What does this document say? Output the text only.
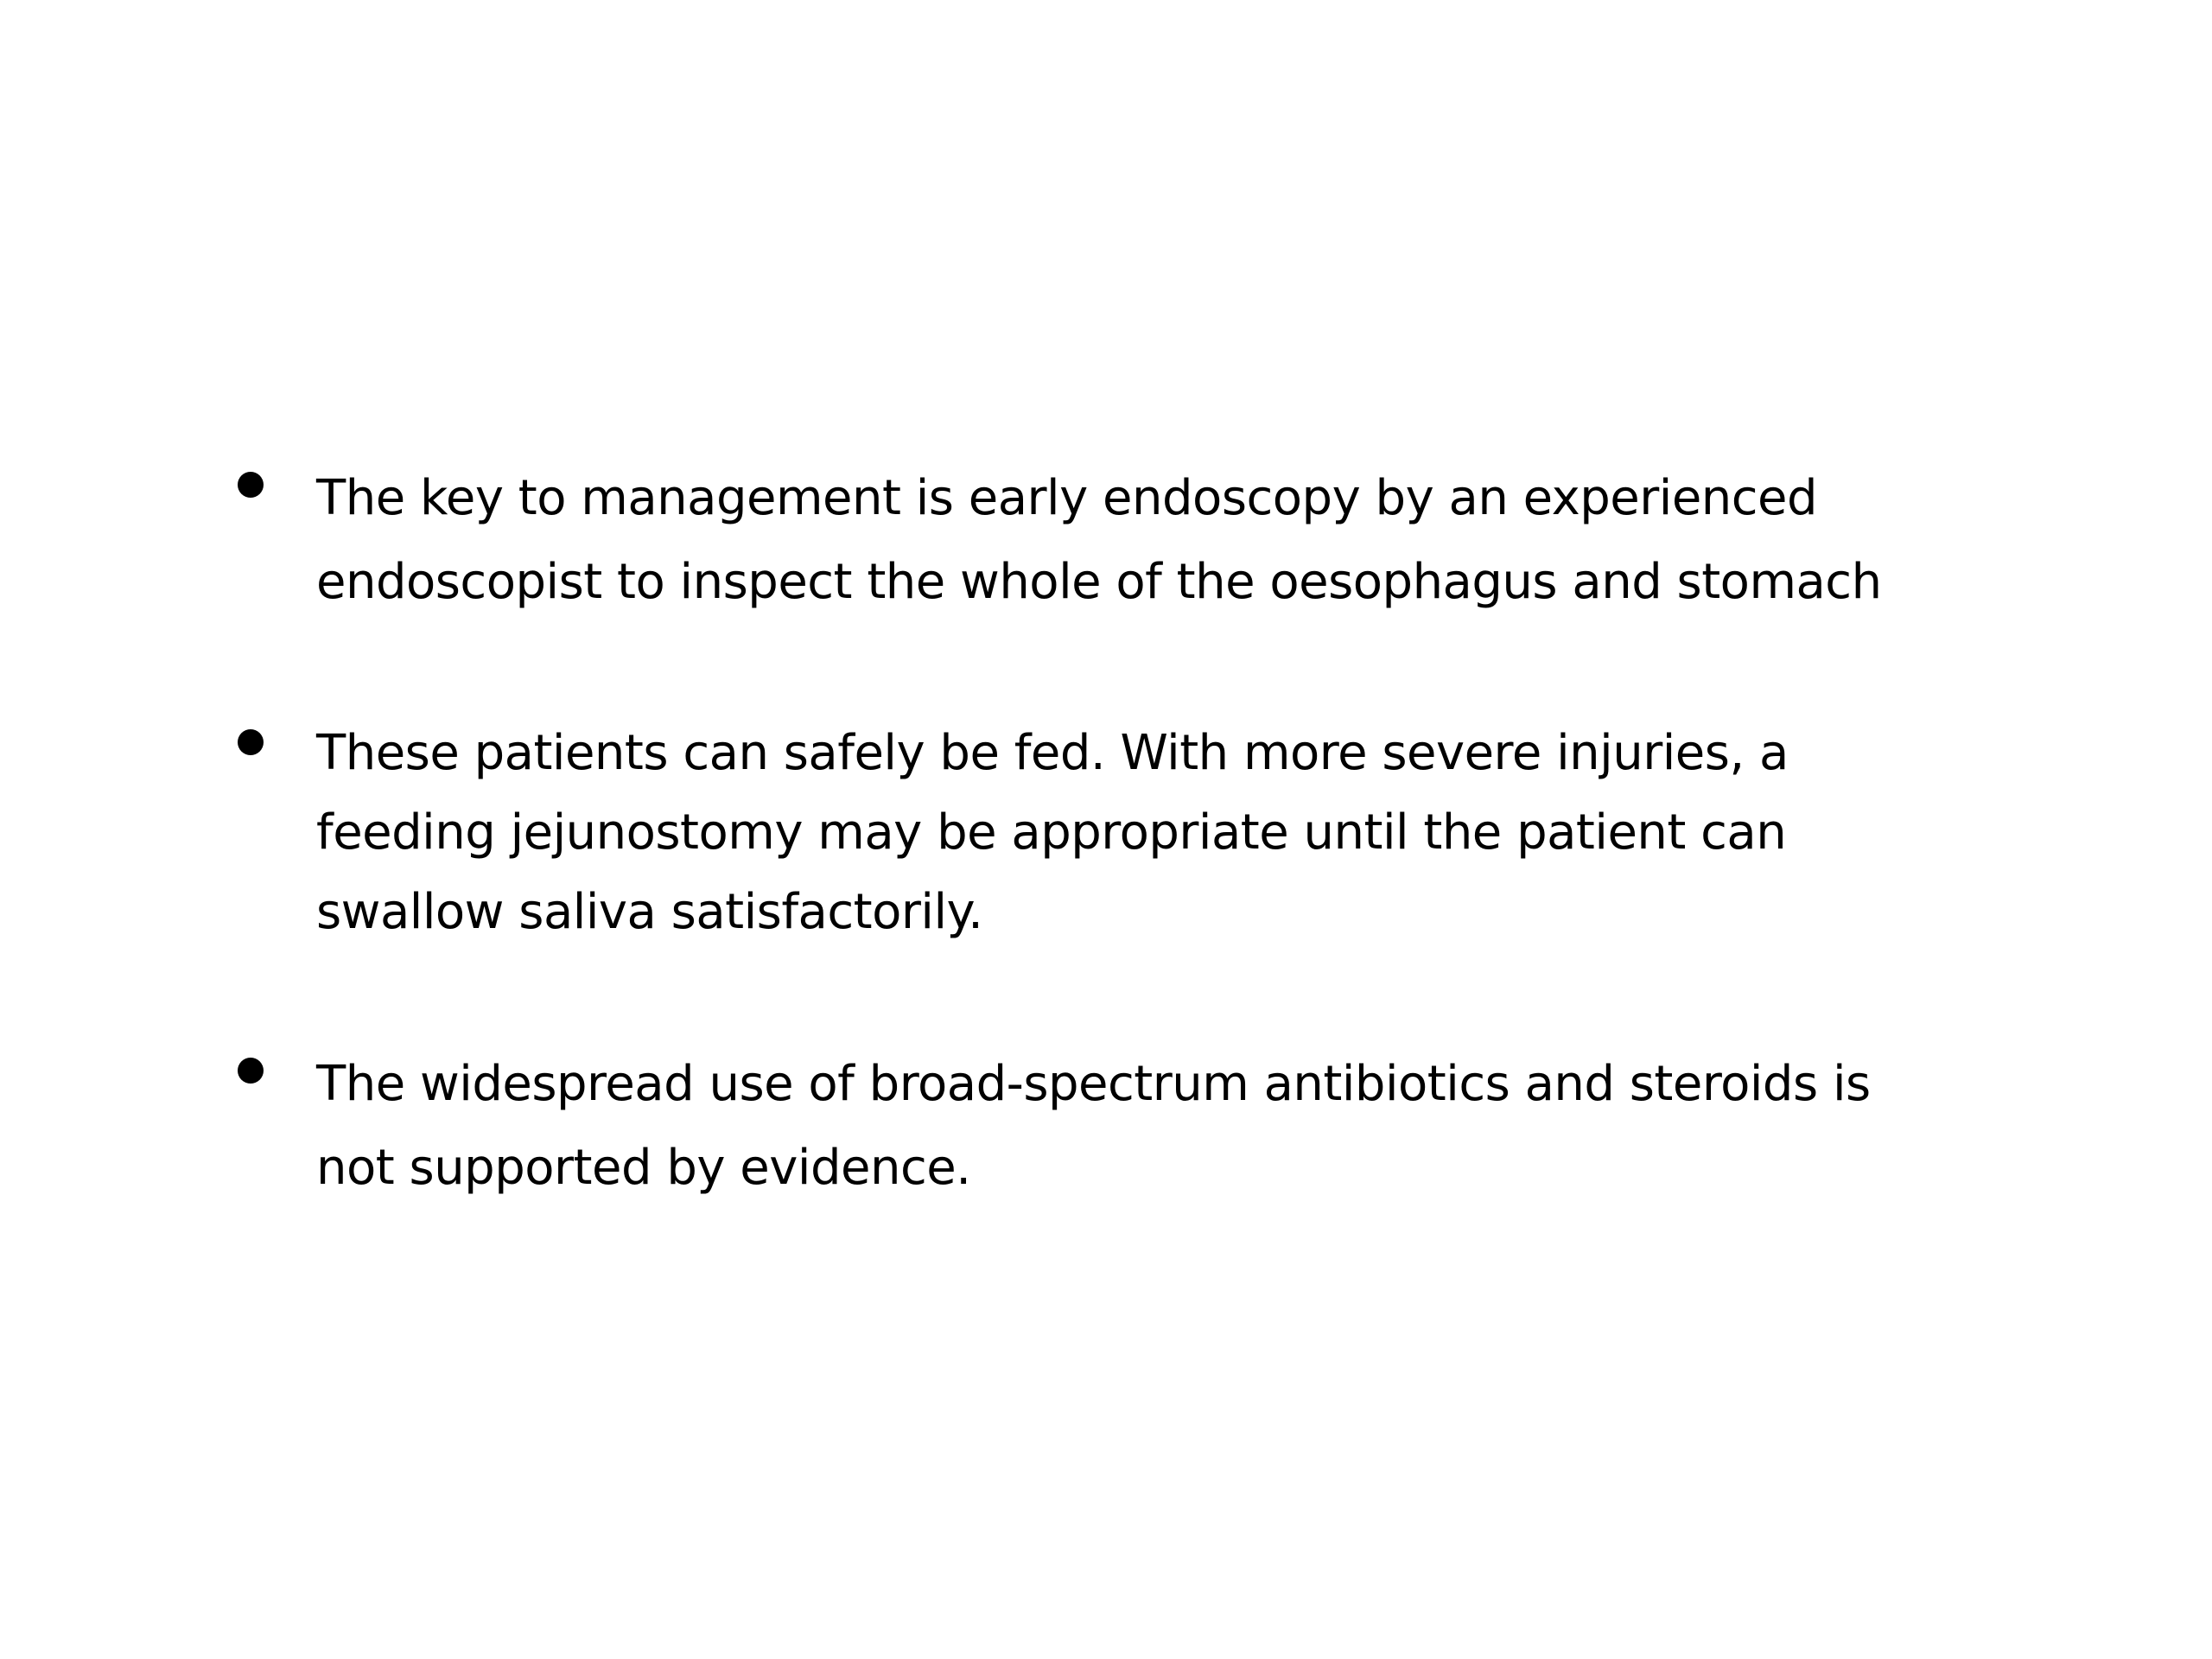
The key to management is early endoscopy by an experienced
endoscopist to inspect the whole of the oesophagus and stomach
These patients can safely be fed. With more severe injuries, a
feeding jejunostomy may be appropriate until the patient can
swallow saliva satisfactorily.
The widespread use of broad-spectrum antibiotics and steroids is
not supported by evidence.
